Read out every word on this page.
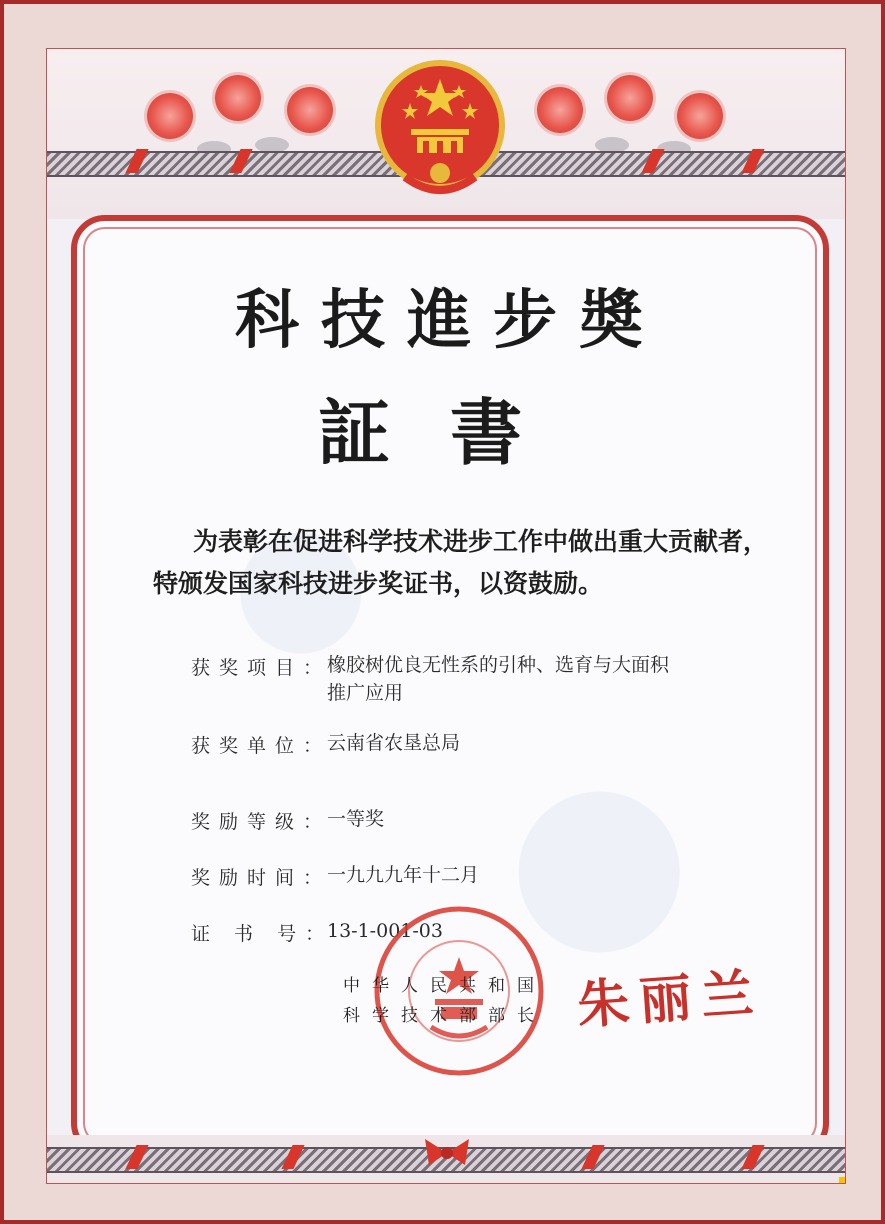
科技進步奬
証書
为表彰在促进科学技术进步工作中做出重大贡献者，特颁发国家科技进步奖证书，以资鼓励。
获奖项目：
橡胶树优良无性系的引种、选育与大面积推广应用
获奖单位：
云南省农垦总局
奖励等级：
一等奖
奖励时间：
一九九九年十二月
证 书 号：
13-1-001-03
中华人民共和国
科学技术部部长 朱丽兰
